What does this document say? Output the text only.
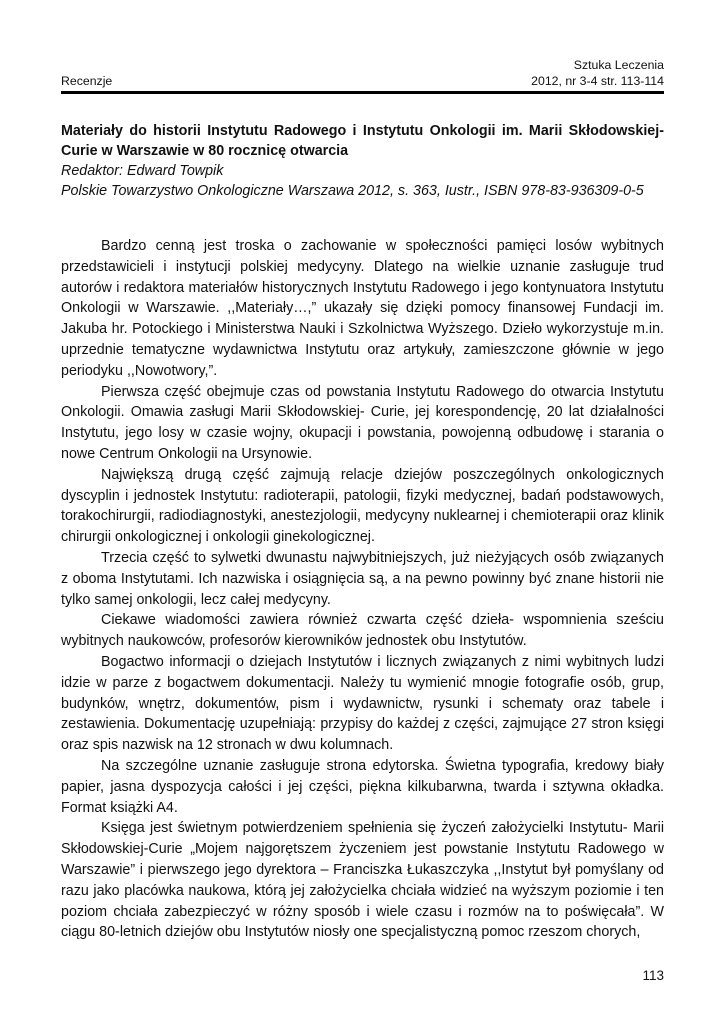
Recenzje
Sztuka Leczenia
2012, nr 3-4 str. 113-114

Materiały do historii Instytutu Radowego i Instytutu Onkologii im. Marii Skłodowskiej-Curie w Warszawie w 80 rocznicę otwarcia

Redaktor: Edward Towpik

Polskie Towarzystwo Onkologiczne Warszawa 2012, s. 363, Iustr., ISBN 978-83-936309-0-5

Bardzo cenną jest troska o zachowanie w społeczności pamięci losów wybitnych przedstawicieli i instytucji polskiej medycyny. Dlatego na wielkie uznanie zasługuje trud autorów i redaktora materiałów historycznych Instytutu Radowego i jego kontynuatora Instytutu Onkologii w Warszawie. ,,Materiały…,” ukazały się dzięki pomocy finansowej Fundacji im. Jakuba hr. Potockiego i Ministerstwa Nauki i Szkolnictwa Wyższego. Dzieło wykorzystuje m.in. uprzednie tematyczne wydawnictwa Instytutu oraz artykuły, zamieszczone głównie w jego periodyku ,,Nowotwory,”.

Pierwsza część obejmuje czas od powstania Instytutu Radowego do otwarcia Instytutu Onkologii. Omawia zasługi Marii Skłodowskiej- Curie, jej korespondencję, 20 lat działalności Instytutu, jego losy w czasie wojny, okupacji i powstania, powojenną odbudowę i starania o nowe Centrum Onkologii na Ursynowie.

Największą drugą część zajmują relacje dziejów poszczególnych onkologicznych dyscyplin i jednostek Instytutu: radioterapii, patologii, fizyki medycznej, badań podstawowych, torakochirurgii, radiodiagnostyki, anestezjologii, medycyny nuklearnej i chemioterapii oraz klinik chirurgii onkologicznej i onkologii ginekologicznej.

Trzecia część to sylwetki dwunastu najwybitniejszych, już nieżyjących osób związanych z oboma Instytutami. Ich nazwiska i osiągnięcia są, a na pewno powinny być znane historii nie tylko samej onkologii, lecz całej medycyny.

Ciekawe wiadomości zawiera również czwarta część dzieła- wspomnienia sześciu wybitnych naukowców, profesorów kierowników jednostek obu Instytutów.

Bogactwo informacji o dziejach Instytutów i licznych związanych z nimi wybitnych ludzi idzie w parze z bogactwem dokumentacji. Należy tu wymienić mnogie fotografie osób, grup, budynków, wnętrz, dokumentów, pism i wydawnictw, rysunki i schematy oraz tabele i zestawienia. Dokumentację uzupełniają: przypisy do każdej z części, zajmujące 27 stron księgi oraz spis nazwisk na 12 stronach w dwu kolumnach.

Na szczególne uznanie zasługuje strona edytorska. Świetna typografia, kredowy biały papier, jasna dyspozycja całości i jej części, piękna kilkubarwna, twarda i sztywna okładka. Format książki A4.

Księga jest świetnym potwierdzeniem spełnienia się życzeń założycielki Instytutu- Marii Skłodowskiej-Curie „Mojem najgorętszem życzeniem jest powstanie Instytutu Radowego w Warszawie” i pierwszego jego dyrektora – Franciszka Łukaszczyka ,,Instytut był pomyślany od razu jako placówka naukowa, którą jej założycielka chciała widzieć na wyższym poziomie i ten poziom chciała zabezpieczyć w różny sposób i wiele czasu i rozmów na to poświęcała”. W ciągu 80-letnich dziejów obu Instytutów niosły one specjalistyczną pomoc rzeszom chorych,

113
